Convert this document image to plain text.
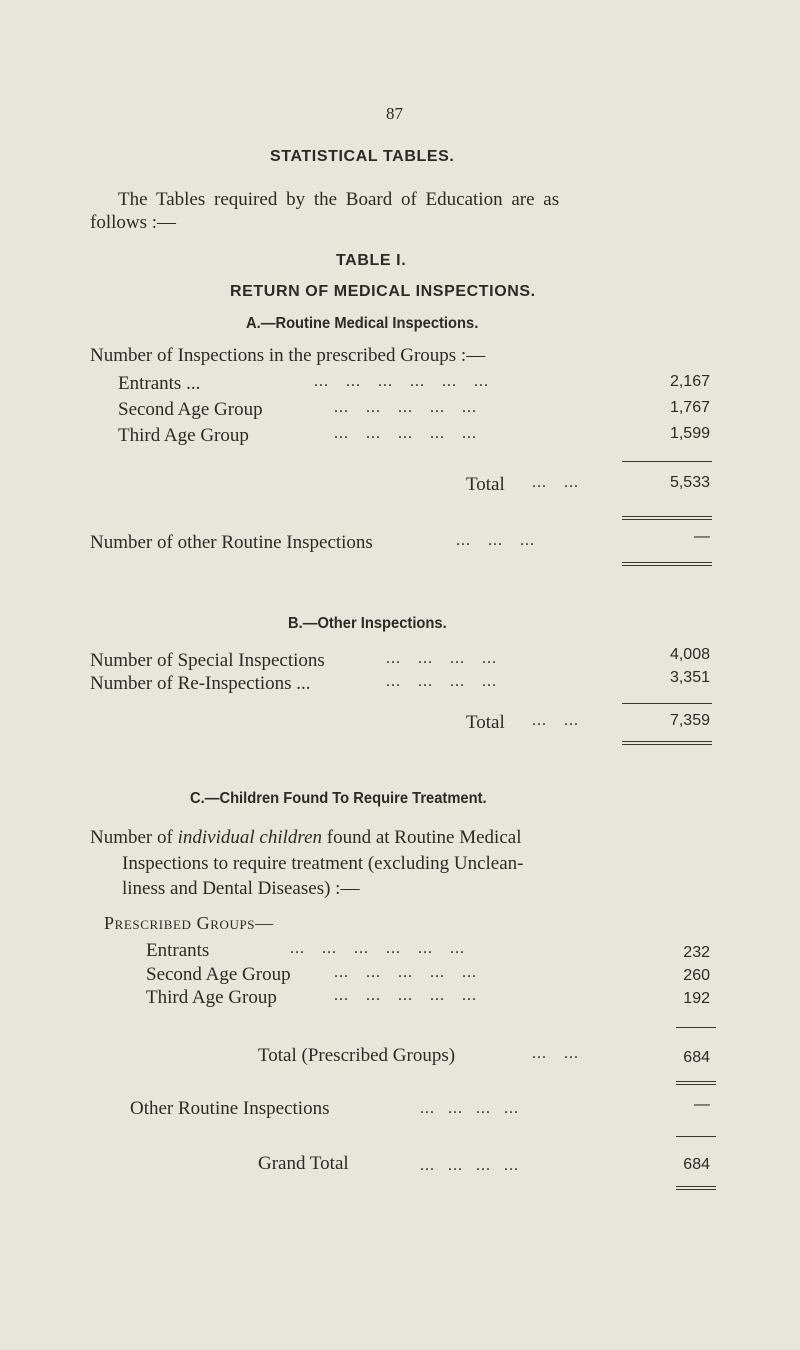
87
STATISTICAL TABLES.
The Tables required by the Board of Education are as
follows :—
TABLE I.
RETURN OF MEDICAL INSPECTIONS.
A.—Routine Medical Inspections.
Number of Inspections in the prescribed Groups :—
Entrants ...	... ... ... ... ... ...	2,167
Second Age Group	... ... ... ... ...	1,767
Third Age Group	... ... ... ... ...	1,599
Total ... ...	5,533
Number of other Routine Inspections	... ... ...	—
B.—Other Inspections.
Number of Special Inspections	... ... ... ...	4,008
Number of Re-Inspections ...	... ... ... ...	3,351
Total ... ...	7,359
C.—Children Found To Require Treatment.
Number of individual children found at Routine Medical
Inspections to require treatment (excluding Unclean-
liness and Dental Diseases) :—
Prescribed Groups—
Entrants	... ... ... ... ... ...	232
Second Age Group	... ... ... ... ...	260
Third Age Group	... ... ... ... ...	192
Total (Prescribed Groups)	... ...	684
Other Routine Inspections	... ... ... ...	—
Grand Total	... ... ... ...	684
